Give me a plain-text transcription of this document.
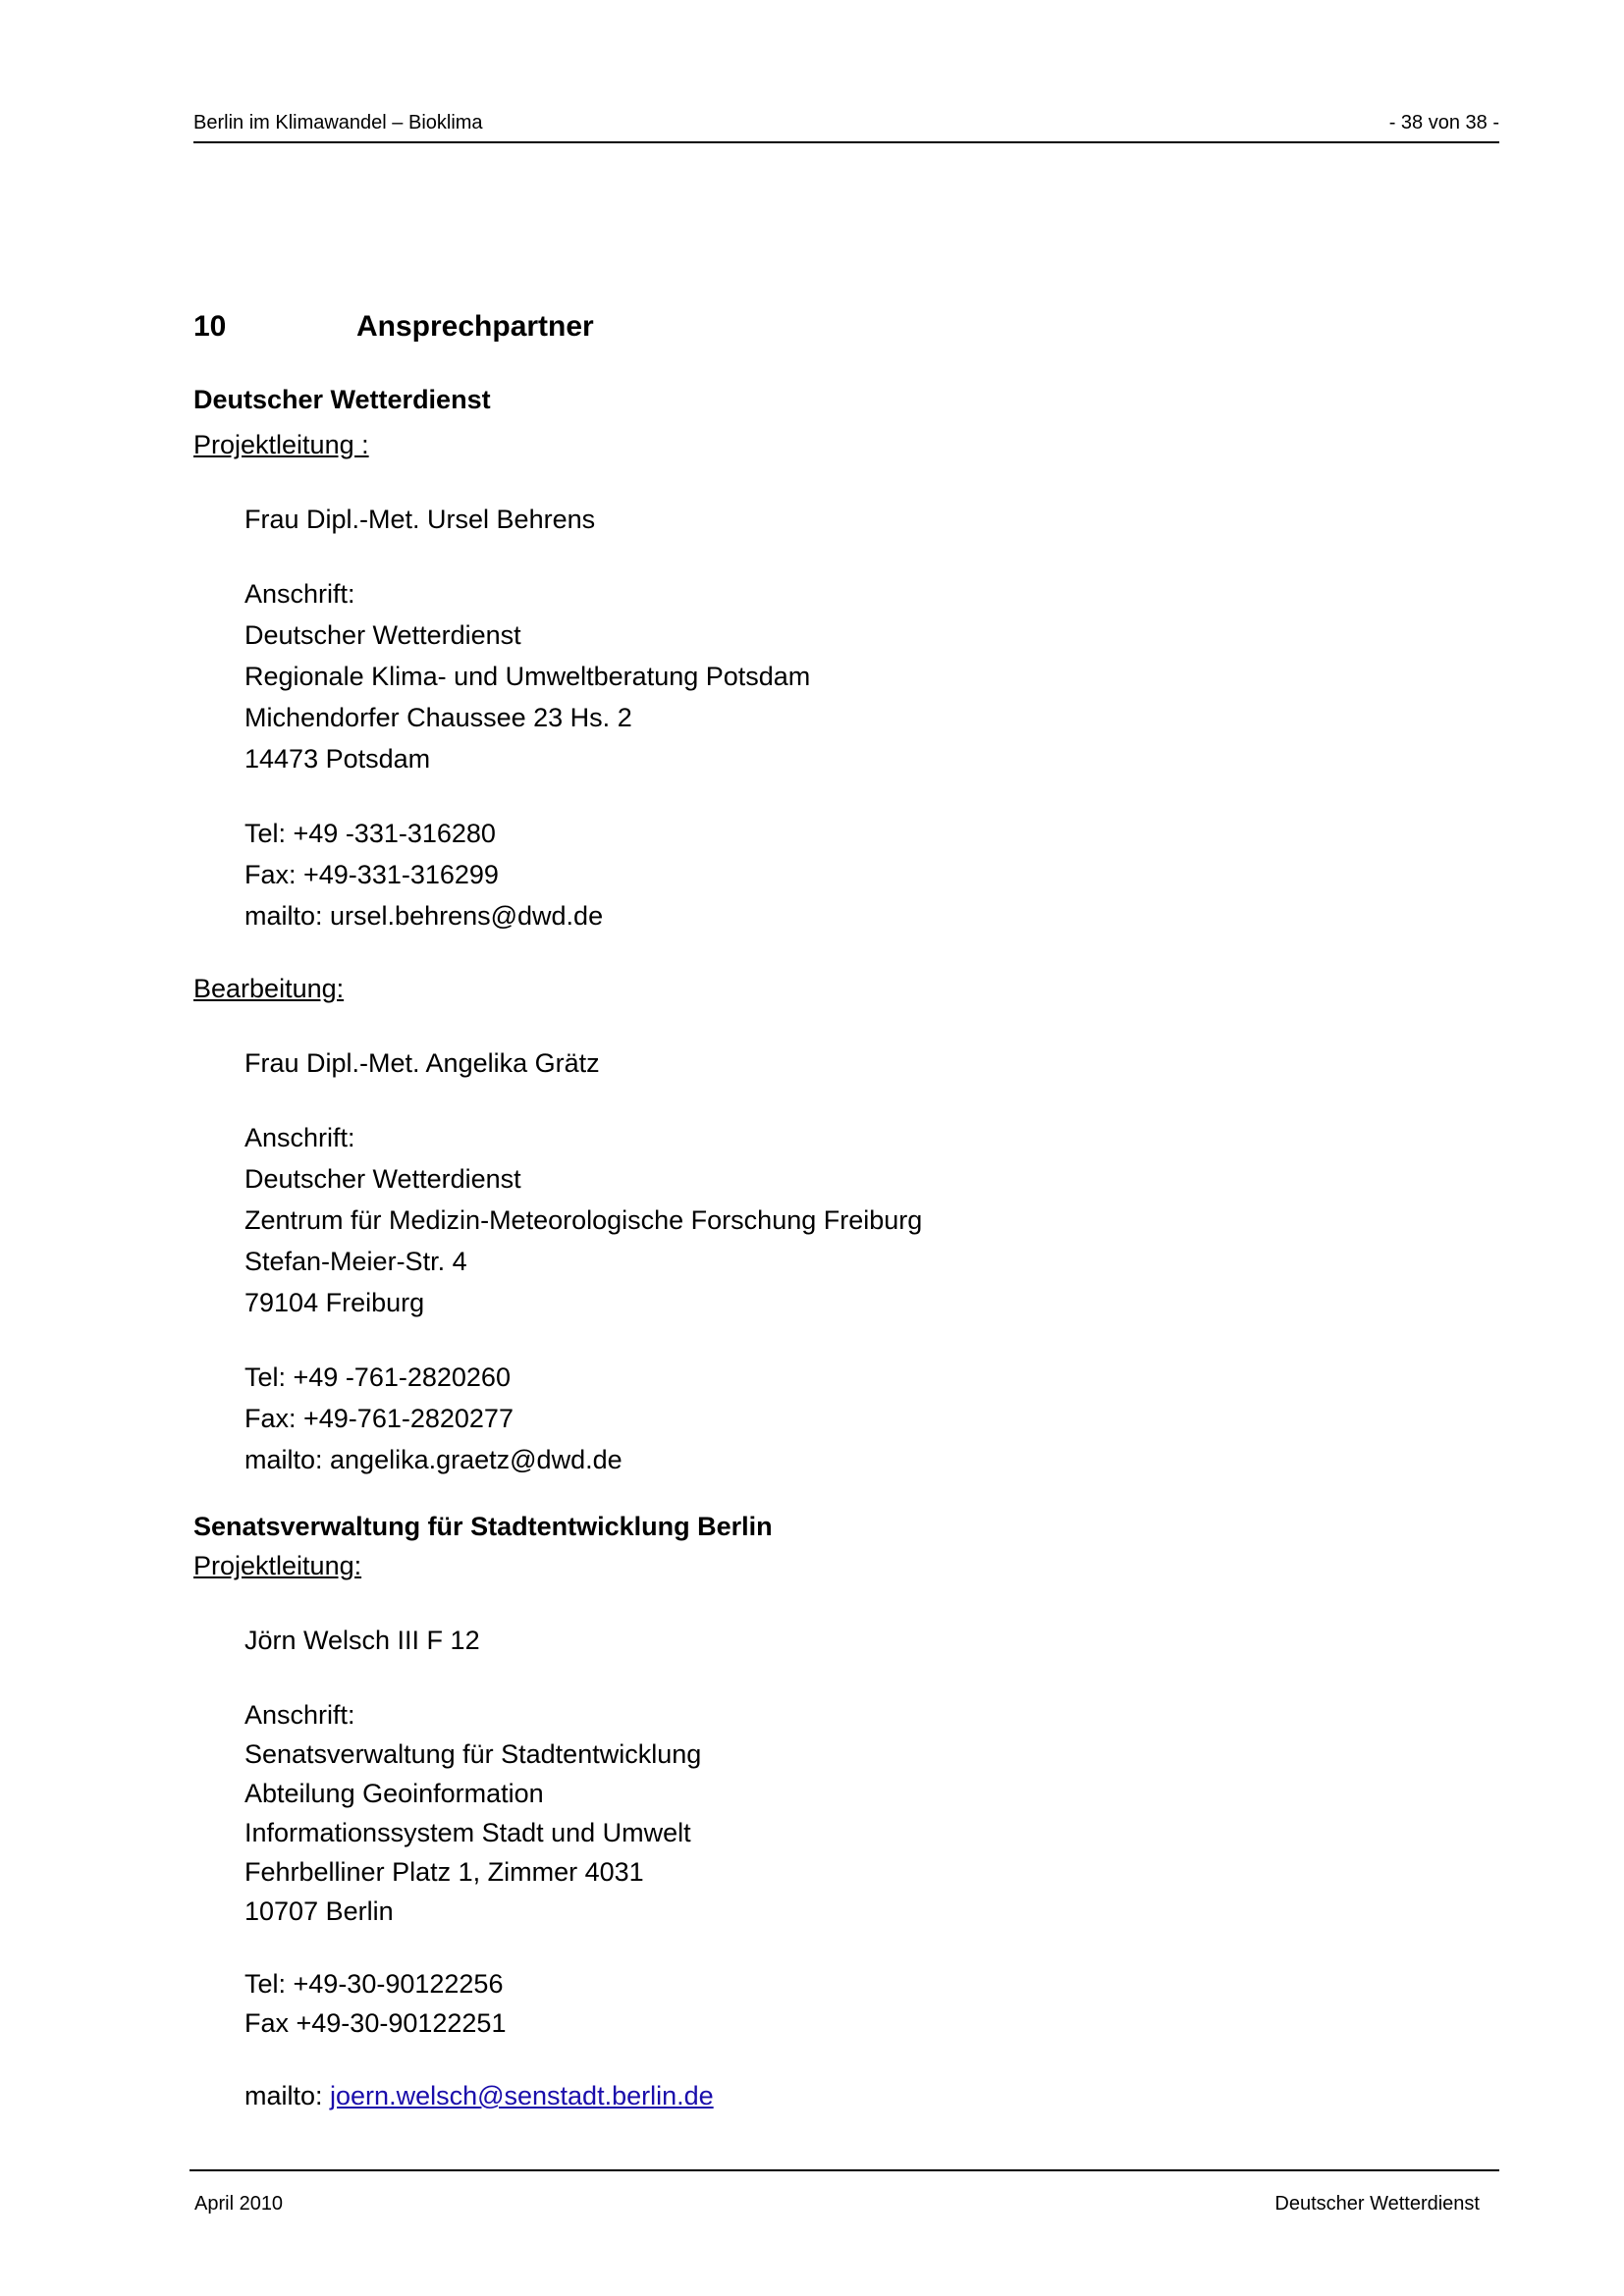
Berlin im Klimawandel – Bioklima	- 38 von 38 -
10	Ansprechpartner
Deutscher Wetterdienst
Projektleitung :
Frau Dipl.-Met. Ursel Behrens
Anschrift:
Deutscher Wetterdienst
Regionale Klima- und Umweltberatung Potsdam
Michendorfer Chaussee 23 Hs. 2
14473 Potsdam
Tel: +49 -331-316280
Fax: +49-331-316299
mailto: ursel.behrens@dwd.de
Bearbeitung:
Frau Dipl.-Met. Angelika Grätz
Anschrift:
Deutscher Wetterdienst
Zentrum für Medizin-Meteorologische Forschung Freiburg
Stefan-Meier-Str. 4
79104 Freiburg
Tel: +49 -761-2820260
Fax: +49-761-2820277
mailto: angelika.graetz@dwd.de
Senatsverwaltung für Stadtentwicklung Berlin
Projektleitung:
Jörn Welsch III F 12
Anschrift:
Senatsverwaltung für Stadtentwicklung
Abteilung Geoinformation
Informationssystem Stadt und Umwelt
Fehrbelliner Platz 1, Zimmer 4031
10707 Berlin
Tel: +49-30-90122256
Fax +49-30-90122251
mailto: joern.welsch@senstadt.berlin.de
April 2010	Deutscher Wetterdienst
